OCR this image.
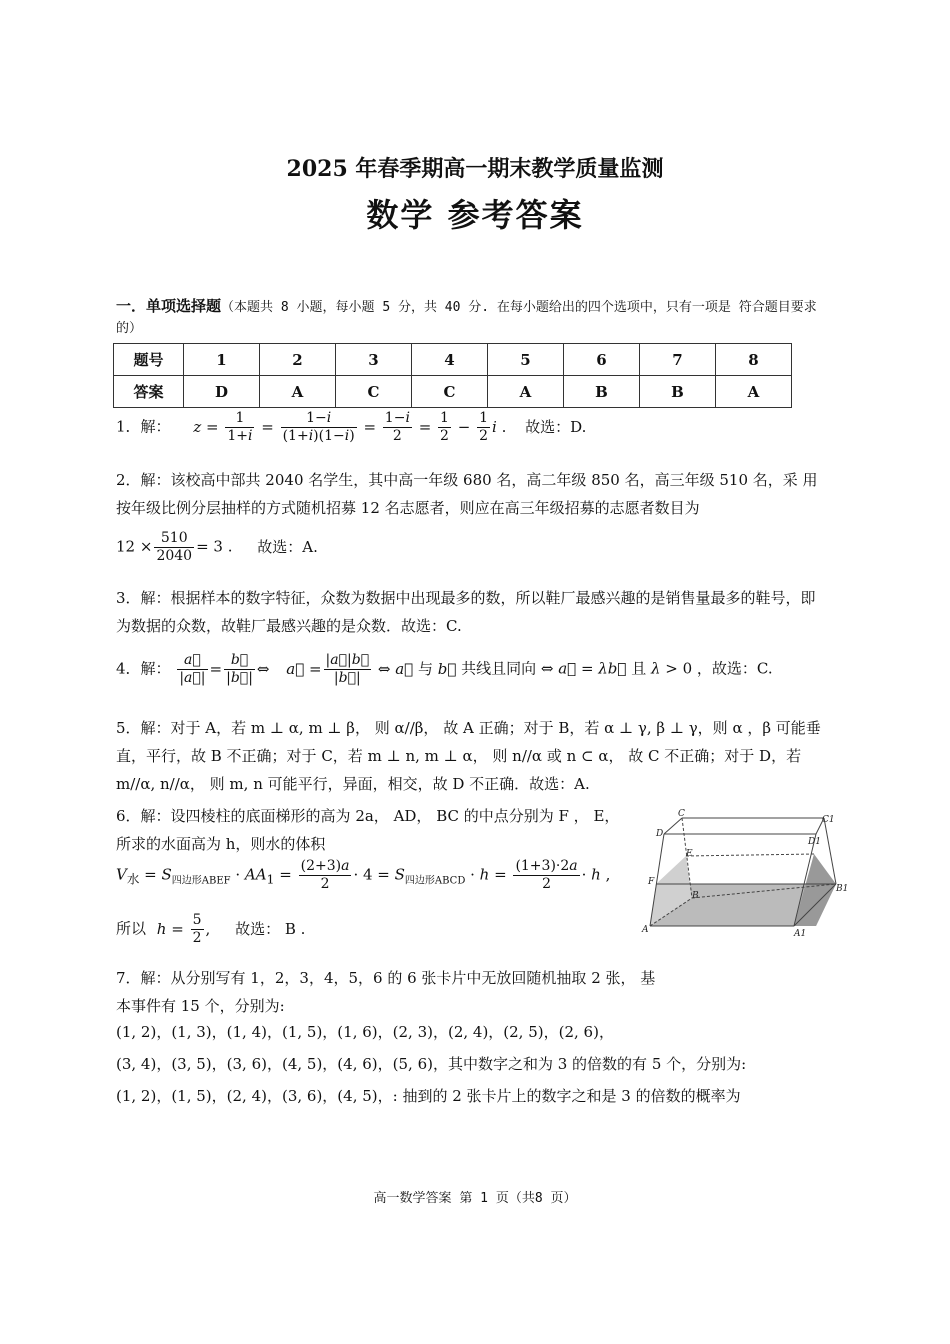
2025 年春季期高一期末教学质量监测
数学 参考答案
一．单项选择题（本题共 8 小题，每小题 5 分，共 40 分. 在每小题给出的四个选项中，只有一项是 符合题目要求的）
题号	1	2	3	4	5	6	7	8
答案	D	A	C	C	A	B	B	A
1．解： $z = \frac{1}{1+i} = \frac{1-i}{(1+i)(1-i)} = \frac{1-i}{2} = \frac{1}{2} - \frac{1}{2}$ i . 故选：D.
2．解：该校高中部共 2040 名学生，其中高一年级 680 名，高二年级 850 名，高三年级 510 名，采 用按年级比例分层抽样的方式随机招募 12 名志愿者，则应在高三年级招募的志愿者数目为
$12 \times \frac{510}{2040} = 3$ . 故选：A.
3．解：根据样本的数字特征，众数为数据中出现最多的数，所以鞋厂最感兴趣的是销售量最多的鞋号，即为数据的众数，故鞋厂最感兴趣的是众数．故选：C.
4．解： $\frac{a⃗}{|a⃗|} = \frac{b⃗}{|b⃗|}$ ⇔ a⃗ = $\frac{|a⃗|b⃗}{|b⃗|}$ ⇔ a⃗ 与 b⃗ 共线且同向 ⇔ a⃗ = λb⃗ 且 λ > 0 ，故选：C.
5．解：对于 A，若 m ⊥ α, m ⊥ β， 则 α//β， 故 A 正确；对于 B，若 α ⊥ γ, β ⊥ γ，则 α ，β 可能垂 直，平行，故 B 不正确；对于 C，若 m ⊥ n, m ⊥ α， 则 n//α 或 n ⊂ α， 故 C 不正确；对于 D，若 m//α, n//α， 则 m, n 可能平行，异面，相交，故 D 不正确．故选：A.
6．解：设四棱柱的底面梯形的高为 2a， AD， BC 的中点分别为 F ， E，所求的水面高为 h，则水的体积
$V_水 = S_{四边形ABEF} \cdot AA_1 = \frac{(2+3)a}{2} \cdot 4 = S_{四边形ABCD} \cdot h = \frac{(1+3)\cdot 2a}{2} \cdot h$ ,
所以 $h = \frac{5}{2}$ , 故选： B .
C
C1
D
D1
E
F
B
B1
A	A1
7．解：从分别写有 1，2，3，4，5，6 的 6 张卡片中无放回随机抽取 2 张， 基本事件有 15 个，分别为:
(1, 2)，(1, 3)，(1, 4)，(1, 5)，(1, 6)，(2, 3)，(2, 4)，(2, 5)，(2, 6)，
(3, 4)，(3, 5)，(3, 6)，(4, 5)，(4, 6)，(5, 6)，其中数字之和为 3 的倍数的有 5 个，分别为:
(1, 2)，(1, 5)，(2, 4)，(3, 6)，(4, 5)，: 抽到的 2 张卡片上的数字之和是 3 的倍数的概率为
高一数学答案 第 1 页（共8 页）
